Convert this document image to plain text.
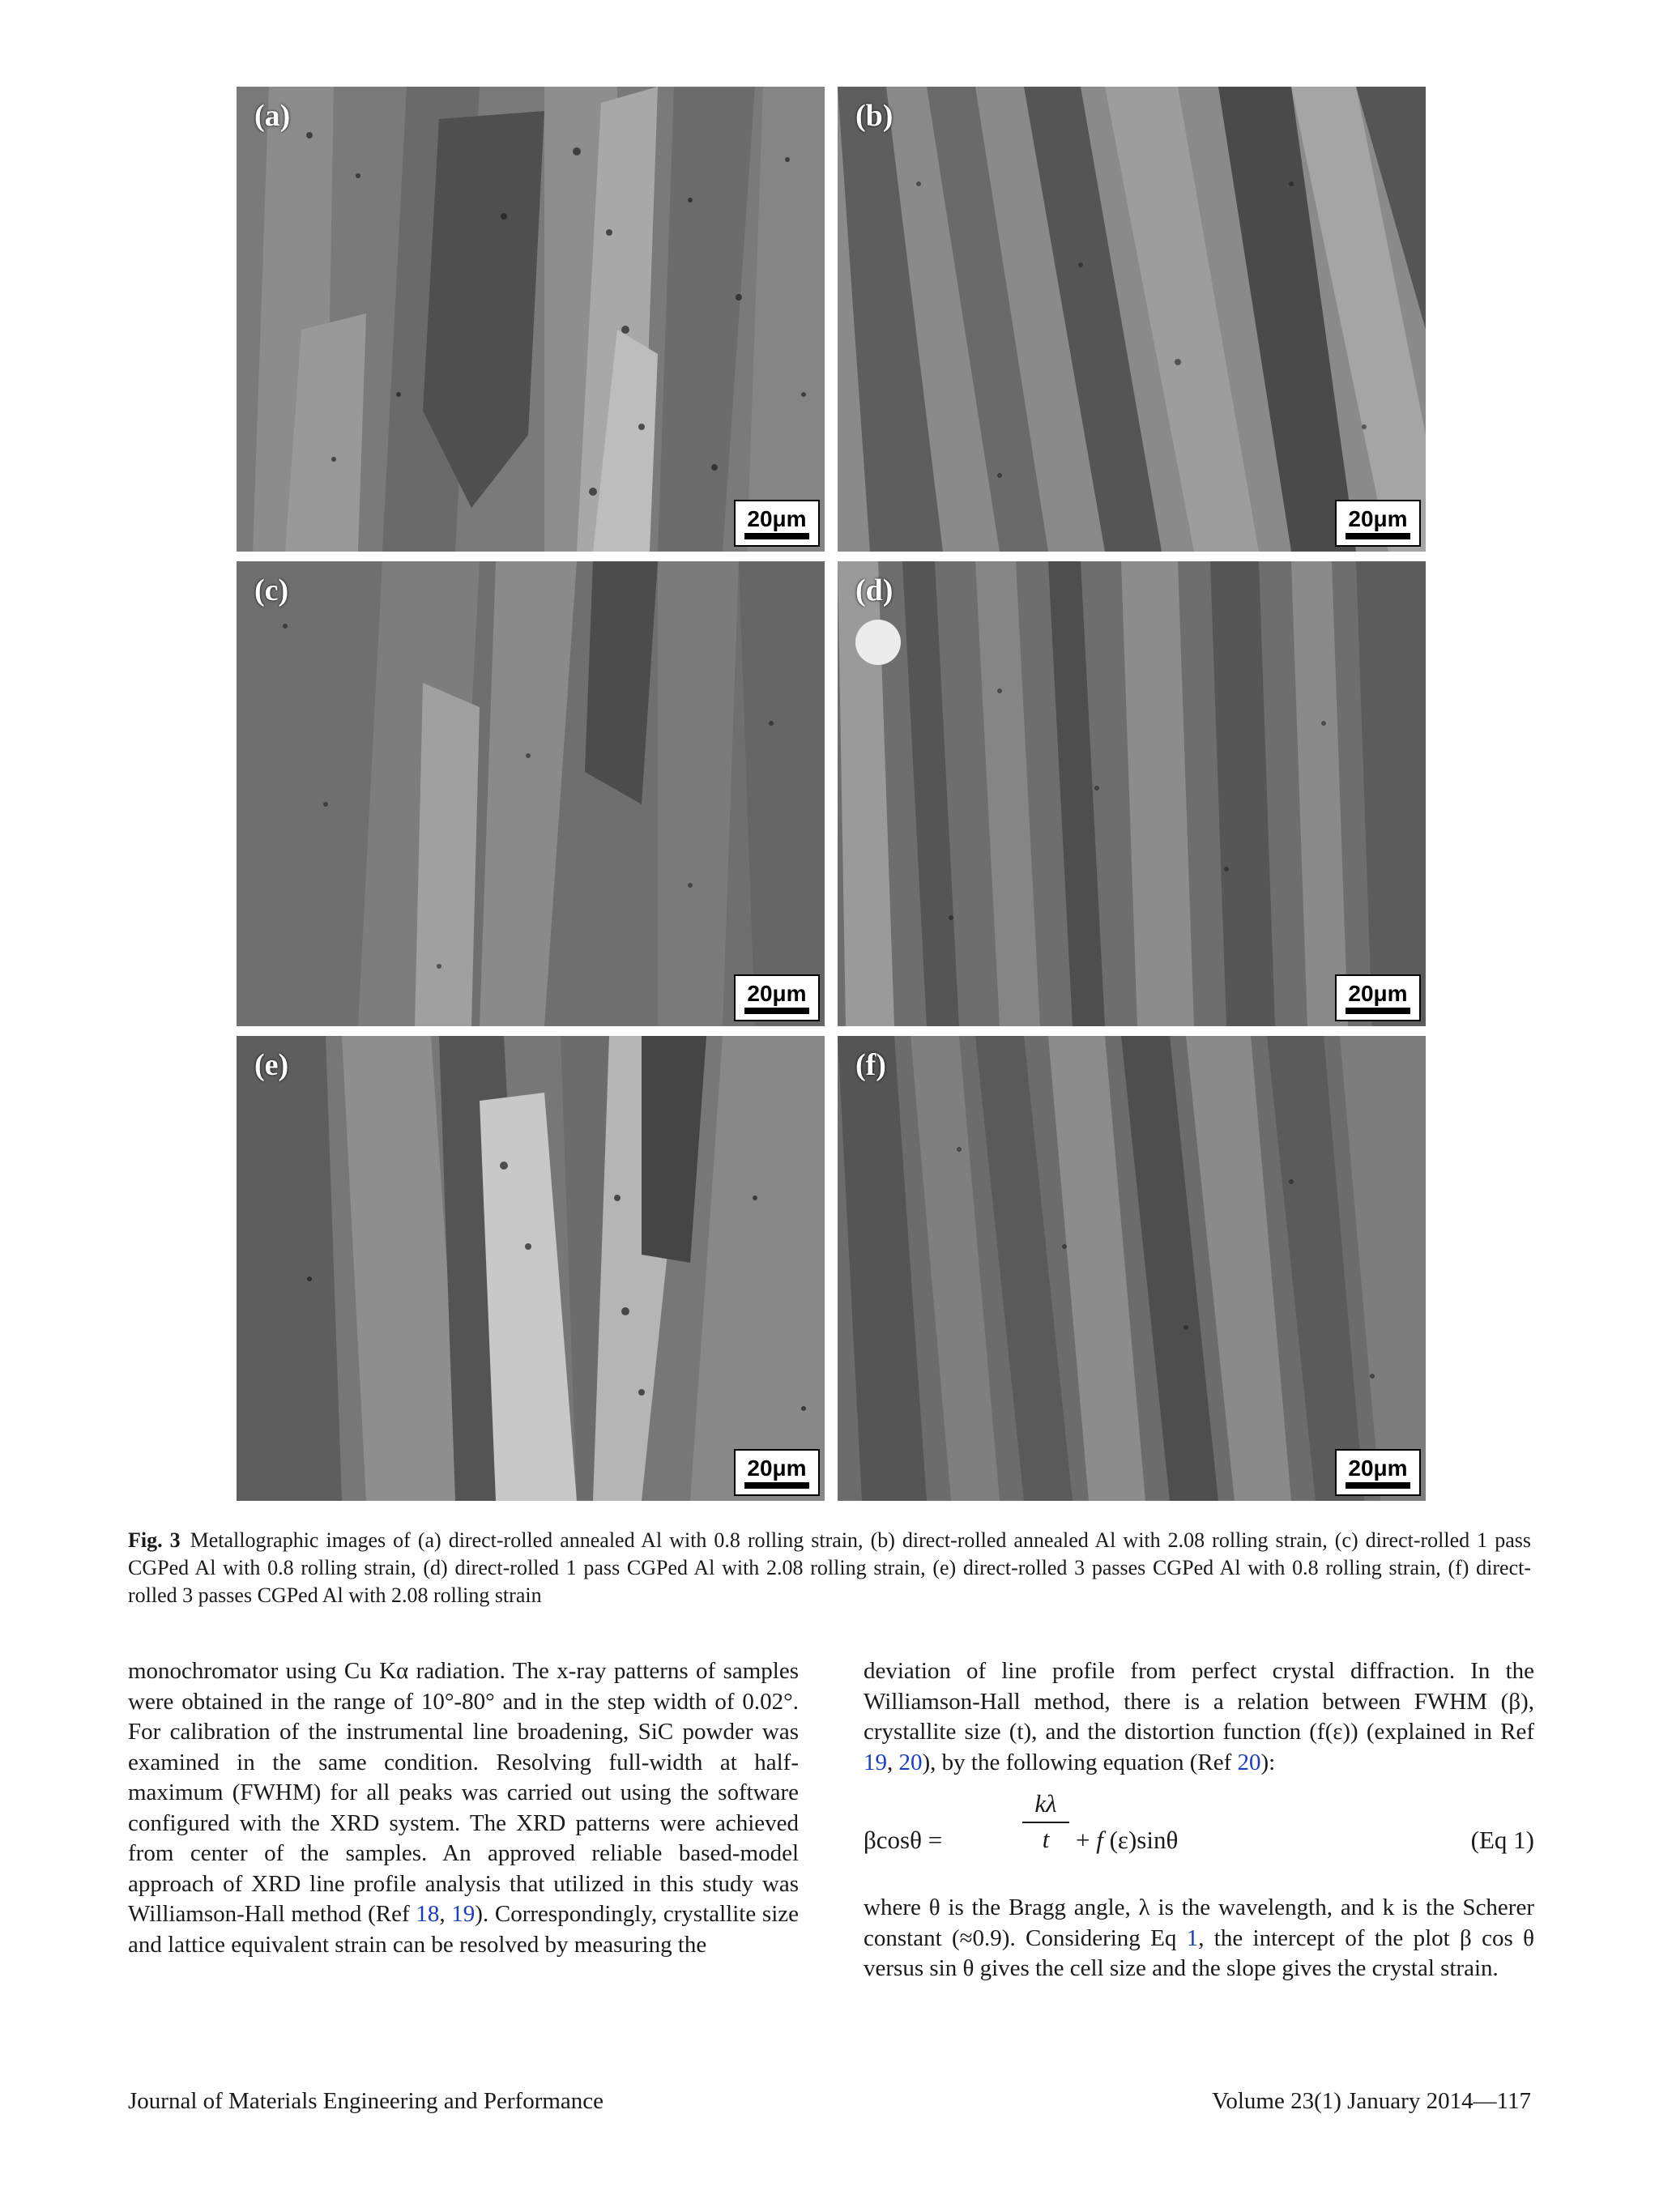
(a)
20μm
(b)
20μm
(c)
20μm
(d)
20μm
(e)
20μm
(f)
20μm
Fig. 3 Metallographic images of (a) direct-rolled annealed Al with 0.8 rolling strain, (b) direct-rolled annealed Al with 2.08 rolling strain, (c) direct-rolled 1 pass CGPed Al with 0.8 rolling strain, (d) direct-rolled 1 pass CGPed Al with 2.08 rolling strain, (e) direct-rolled 3 passes CGPed Al with 0.8 rolling strain, (f) direct-rolled 3 passes CGPed Al with 2.08 rolling strain

monochromator using Cu Kα radiation. The x-ray patterns of samples were obtained in the range of 10°-80° and in the step width of 0.02°. For calibration of the instrumental line broadening, SiC powder was examined in the same condition. Resolving full-width at half-maximum (FWHM) for all peaks was carried out using the software configured with the XRD system. The XRD patterns were achieved from center of the samples. An approved reliable based-model approach of XRD line profile analysis that utilized in this study was Williamson-Hall method (Ref 18, 19). Correspondingly, crystallite size and lattice equivalent strain can be resolved by measuring the

deviation of line profile from perfect crystal diffraction. In the Williamson-Hall method, there is a relation between FWHM (β), crystallite size (t), and the distortion function (f(ε)) (explained in Ref 19, 20), by the following equation (Ref 20):

βcosθ =	$\frac{k\lambda}{t} + f$ (ε)sinθ	(Eq 1)

where θ is the Bragg angle, λ is the wavelength, and k is the Scherer constant (≈0.9). Considering Eq 1, the intercept of the plot β cos θ versus sin θ gives the cell size and the slope gives the crystal strain.

Journal of Materials Engineering and Performance	Volume 23(1) January 2014—117
